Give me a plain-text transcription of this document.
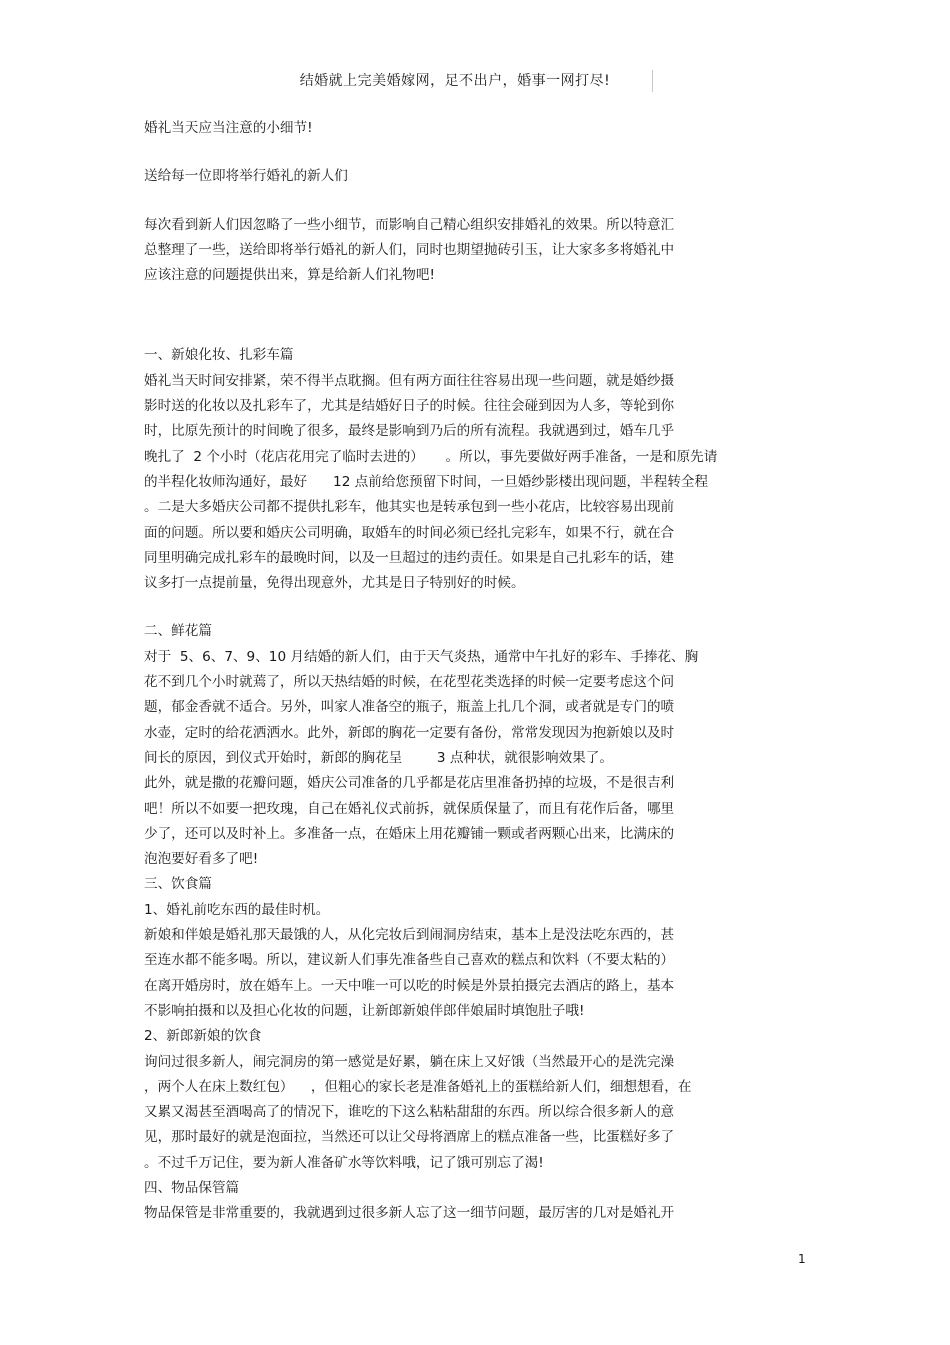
结婚就上完美婚嫁网，足不出户，婚事一网打尽!
婚礼当天应当注意的小细节!
送给每一位即将举行婚礼的新人们
每次看到新人们因忽略了一些小细节，而影响自己精心组织安排婚礼的效果。所以特意汇
总整理了一些，送给即将举行婚礼的新人们，同时也期望抛砖引玉，让大家多多将婚礼中
应该注意的问题提供出来，算是给新人们礼物吧!
一、新娘化妆、扎彩车篇
婚礼当天时间安排紧，荣不得半点耽搁。但有两方面往往容易出现一些问题，就是婚纱摄
影时送的化妆以及扎彩车了，尤其是结婚好日子的时候。往往会碰到因为人多，等轮到你
时，比原先预计的时间晚了很多，最终是影响到乃后的所有流程。我就遇到过，婚车几乎
晚扎了  2 个小时（花店花用完了临时去进的）     。所以，事先要做好两手准备，一是和原先请
的半程化妆师沟通好，最好      12 点前给您预留下时间，一旦婚纱影楼出现问题，半程转全程
。二是大多婚庆公司都不提供扎彩车，他其实也是转承包到一些小花店，比较容易出现前
面的问题。所以要和婚庆公司明确，取婚车的时间必须已经扎完彩车，如果不行，就在合
同里明确完成扎彩车的最晚时间，以及一旦超过的违约责任。如果是自己扎彩车的话，建
议多打一点提前量，免得出现意外，尤其是日子特别好的时候。
二、鲜花篇
对于  5、6、7、9、10 月结婚的新人们，由于天气炎热，通常中午扎好的彩车、手捧花、胸
花不到几个小时就蔫了，所以天热结婚的时候，在花型花类选择的时候一定要考虑这个问
题，郁金香就不适合。另外，叫家人准备空的瓶子，瓶盖上扎几个洞，或者就是专门的喷
水壶，定时的给花洒洒水。此外，新郎的胸花一定要有备份，常常发现因为抱新娘以及时
间长的原因，到仪式开始时，新郎的胸花呈        3 点种状，就很影响效果了。
此外，就是撒的花瓣问题，婚庆公司准备的几乎都是花店里准备扔掉的垃圾，不是很吉利
吧！所以不如要一把玫瑰，自己在婚礼仪式前拆，就保质保量了，而且有花作后备，哪里
少了，还可以及时补上。多准备一点，在婚床上用花瓣铺一颗或者两颗心出来，比满床的
泡泡要好看多了吧!
三、饮食篇
1、婚礼前吃东西的最佳时机。
新娘和伴娘是婚礼那天最饿的人，从化完妆后到闹洞房结束，基本上是没法吃东西的，甚
至连水都不能多喝。所以，建议新人们事先准备些自己喜欢的糕点和饮料（不要太粘的）
在离开婚房时，放在婚车上。一天中唯一可以吃的时候是外景拍摄完去酒店的路上，基本
不影响拍摄和以及担心化妆的问题，让新郎新娘伴郎伴娘届时填饱肚子哦!
2、新郎新娘的饮食
询问过很多新人，闹完洞房的第一感觉是好累，躺在床上又好饿（当然最开心的是洗完澡
，两个人在床上数红包）    ，但粗心的家长老是准备婚礼上的蛋糕给新人们，细想想看，在
又累又渴甚至酒喝高了的情况下，谁吃的下这么粘粘甜甜的东西。所以综合很多新人的意
见，那时最好的就是泡面拉，当然还可以让父母将酒席上的糕点准备一些，比蛋糕好多了
。不过千万记住，要为新人准备矿水等饮料哦，记了饿可别忘了渴!
四、物品保管篇
物品保管是非常重要的，我就遇到过很多新人忘了这一细节问题，最厉害的几对是婚礼开
1
